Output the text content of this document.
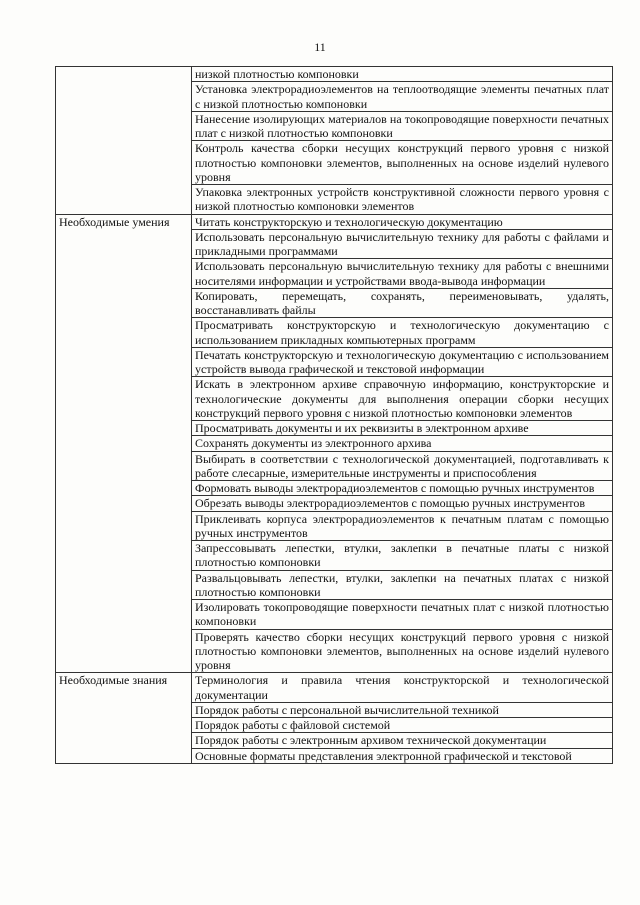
11
	низкой плотностью компоновки
	Установка электрорадиоэлементов на теплоотводящие элементы печатных плат с низкой плотностью компоновки
	Нанесение изолирующих материалов на токопроводящие поверхности печатных плат с низкой плотностью компоновки
	Контроль качества сборки несущих конструкций первого уровня с низкой плотностью компоновки элементов, выполненных на основе изделий нулевого уровня
	Упаковка электронных устройств конструктивной сложности первого уровня с низкой плотностью компоновки элементов
Необходимые умения	Читать конструкторскую и технологическую документацию
	Использовать персональную вычислительную технику для работы с файлами и прикладными программами
	Использовать персональную вычислительную технику для работы с внешними носителями информации и устройствами ввода-вывода информации
	Копировать, перемещать, сохранять, переименовывать, удалять, восстанавливать файлы
	Просматривать конструкторскую и технологическую документацию с использованием прикладных компьютерных программ
	Печатать конструкторскую и технологическую документацию с использованием устройств вывода графической и текстовой информации
	Искать в электронном архиве справочную информацию, конструкторские и технологические документы для выполнения операции сборки несущих конструкций первого уровня с низкой плотностью компоновки элементов
	Просматривать документы и их реквизиты в электронном архиве
	Сохранять документы из электронного архива
	Выбирать в соответствии с технологической документацией, подготавливать к работе слесарные, измерительные инструменты и приспособления
	Формовать выводы электрорадиоэлементов с помощью ручных инструментов
	Обрезать выводы электрорадиоэлементов с помощью ручных инструментов
	Приклеивать корпуса электрорадиоэлементов к печатным платам с помощью ручных инструментов
	Запрессовывать лепестки, втулки, заклепки в печатные платы с низкой плотностью компоновки
	Развальцовывать лепестки, втулки, заклепки на печатных платах с низкой плотностью компоновки
	Изолировать токопроводящие поверхности печатных плат с низкой плотностью компоновки
	Проверять качество сборки несущих конструкций первого уровня с низкой плотностью компоновки элементов, выполненных на основе изделий нулевого уровня
Необходимые знания	Терминология и правила чтения конструкторской и технологической документации
	Порядок работы с персональной вычислительной техникой
	Порядок работы с файловой системой
	Порядок работы с электронным архивом технической документации
	Основные форматы представления электронной графической и текстовой
